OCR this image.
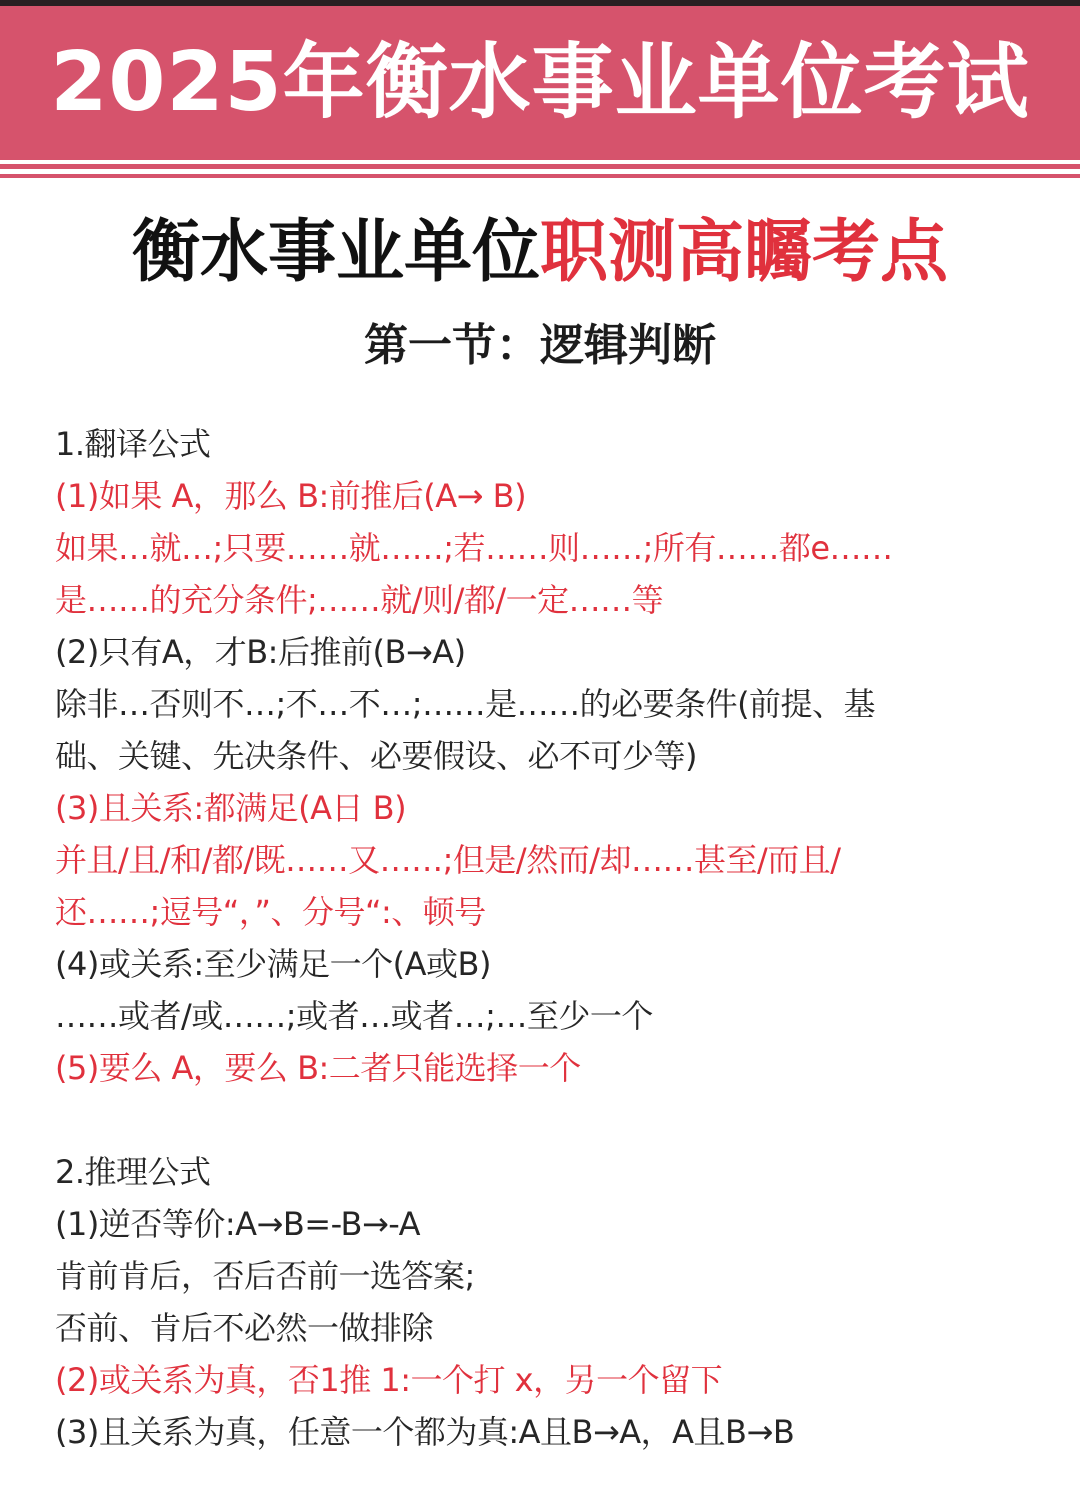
2025年衡水事业单位考试
衡水事业单位职测高矚考点
第一节：逻辑判断
1.翻译公式
(1)如果 A，那么 B:前推后(A→ B)
如果…就…;只要……就……;若……则……;所有……都e……
是……的充分条件;……就/则/都/一定……等
(2)只有A，才B:后推前(B→A)
除非…否则不…;不…不…;……是……的必要条件(前提、基
础、关键、先决条件、必要假设、必不可少等)
(3)且关系:都满足(A日 B)
并且/且/和/都/既……又……;但是/然而/却……甚至/而且/
还……;逗号“，”、分号“:、顿号
(4)或关系:至少满足一个(A或B)
……或者/或……;或者…或者…;…至少一个
(5)要么 A，要么 B:二者只能选择一个
2.推理公式
(1)逆否等价:A→B=-B→-A
肯前肯后，否后否前一选答案;
否前、肯后不必然一做排除
(2)或关系为真，否1推 1:一个打 x，另一个留下
(3)且关系为真，任意一个都为真:A且B→A，A且B→B
